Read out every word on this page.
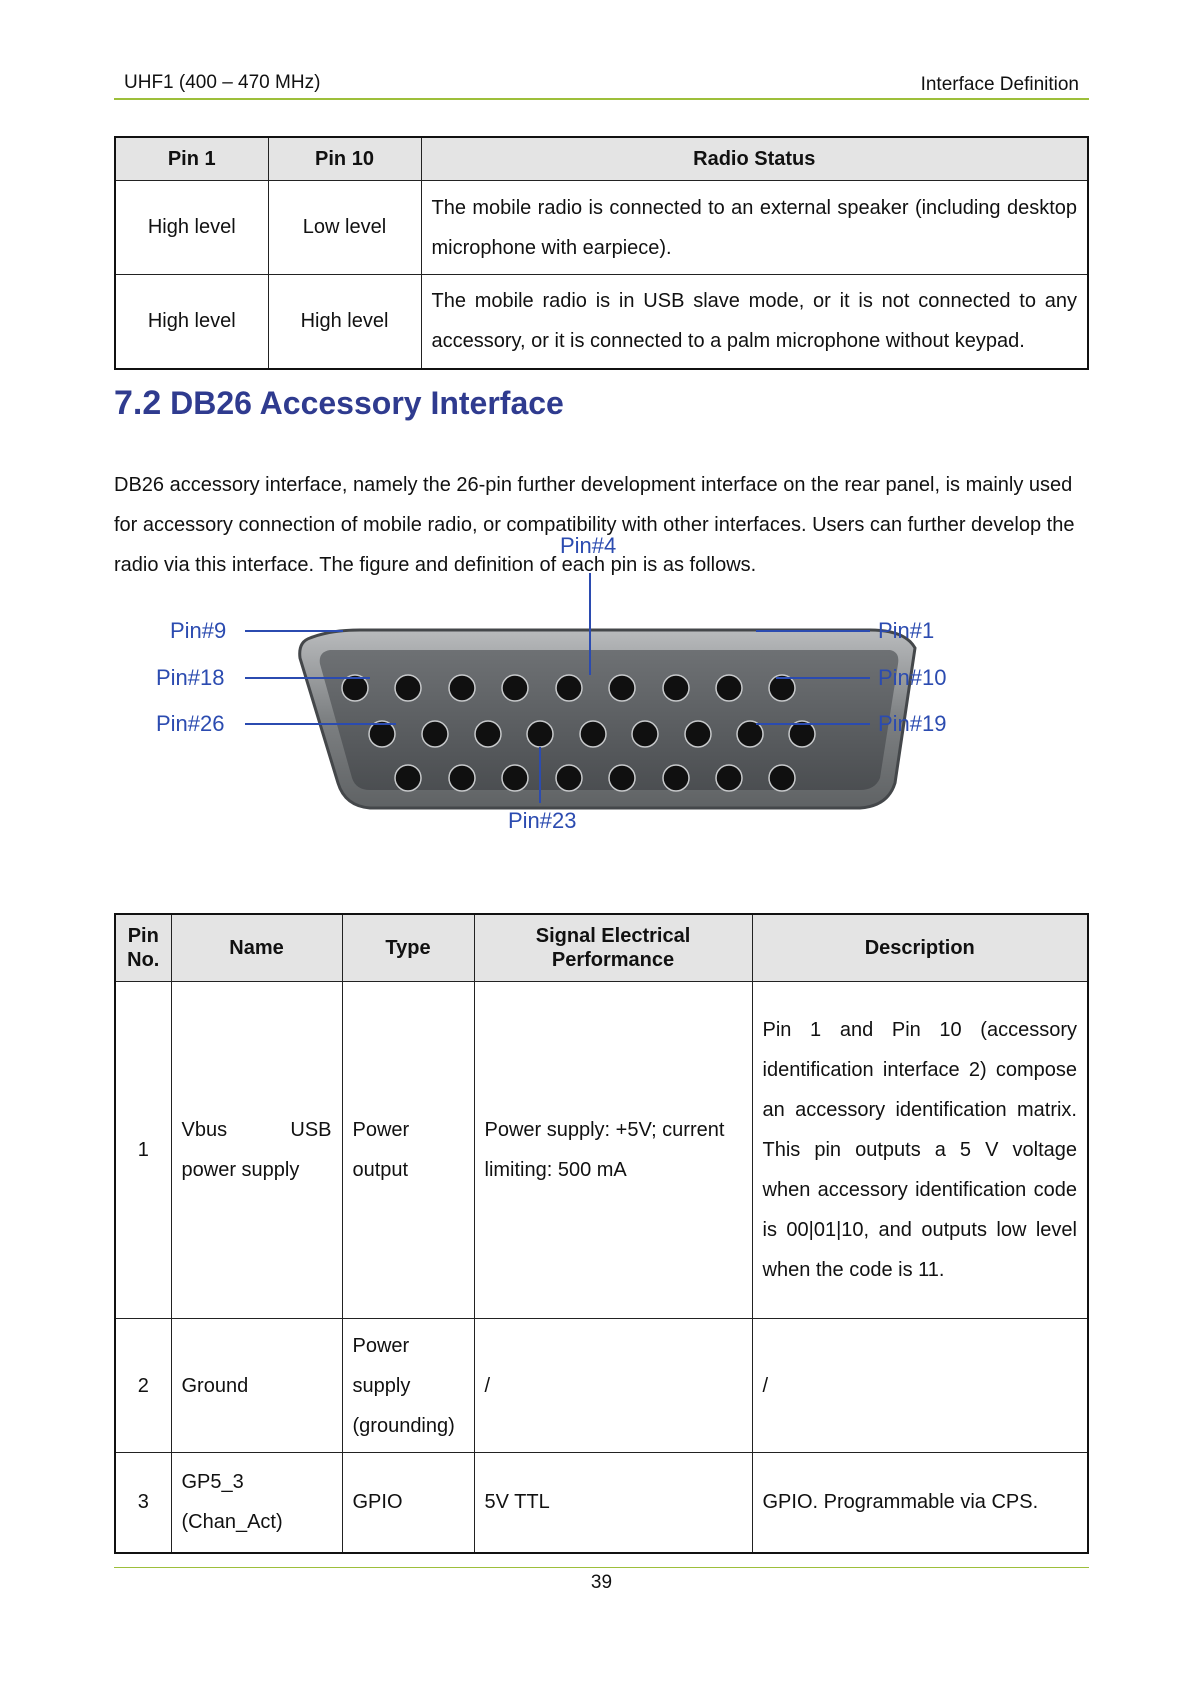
UHF1 (400 – 470 MHz)	Interface Definition
Pin 1	Pin 10	Radio Status
High level	Low level	The mobile radio is connected to an external speaker (including desktop microphone with earpiece).
High level	High level	The mobile radio is in USB slave mode, or it is not connected to any accessory, or it is connected to a palm microphone without keypad.
7.2 DB26 Accessory Interface

DB26 accessory interface, namely the 26-pin further development interface on the rear panel, is mainly used for accessory connection of mobile radio, or compatibility with other interfaces. Users can further develop the radio via this interface. The figure and definition of each pin is as follows.

Pin#4
Pin#9
Pin#18
Pin#26
Pin#1
Pin#10
Pin#19
Pin#23
Pin No.	Name	Type	Signal Electrical Performance	Description
1	Vbus USB power supply	Power output	Power supply: +5V; current limiting: 500 mA	Pin 1 and Pin 10 (accessory identification interface 2) compose an accessory identification matrix. This pin outputs a 5 V voltage when accessory identification code is 00|01|10, and outputs low level when the code is 11.
2	Ground	Power supply (grounding)	/	/
3	GP5_3 (Chan_Act)	GPIO	5V TTL	GPIO. Programmable via CPS.
39
